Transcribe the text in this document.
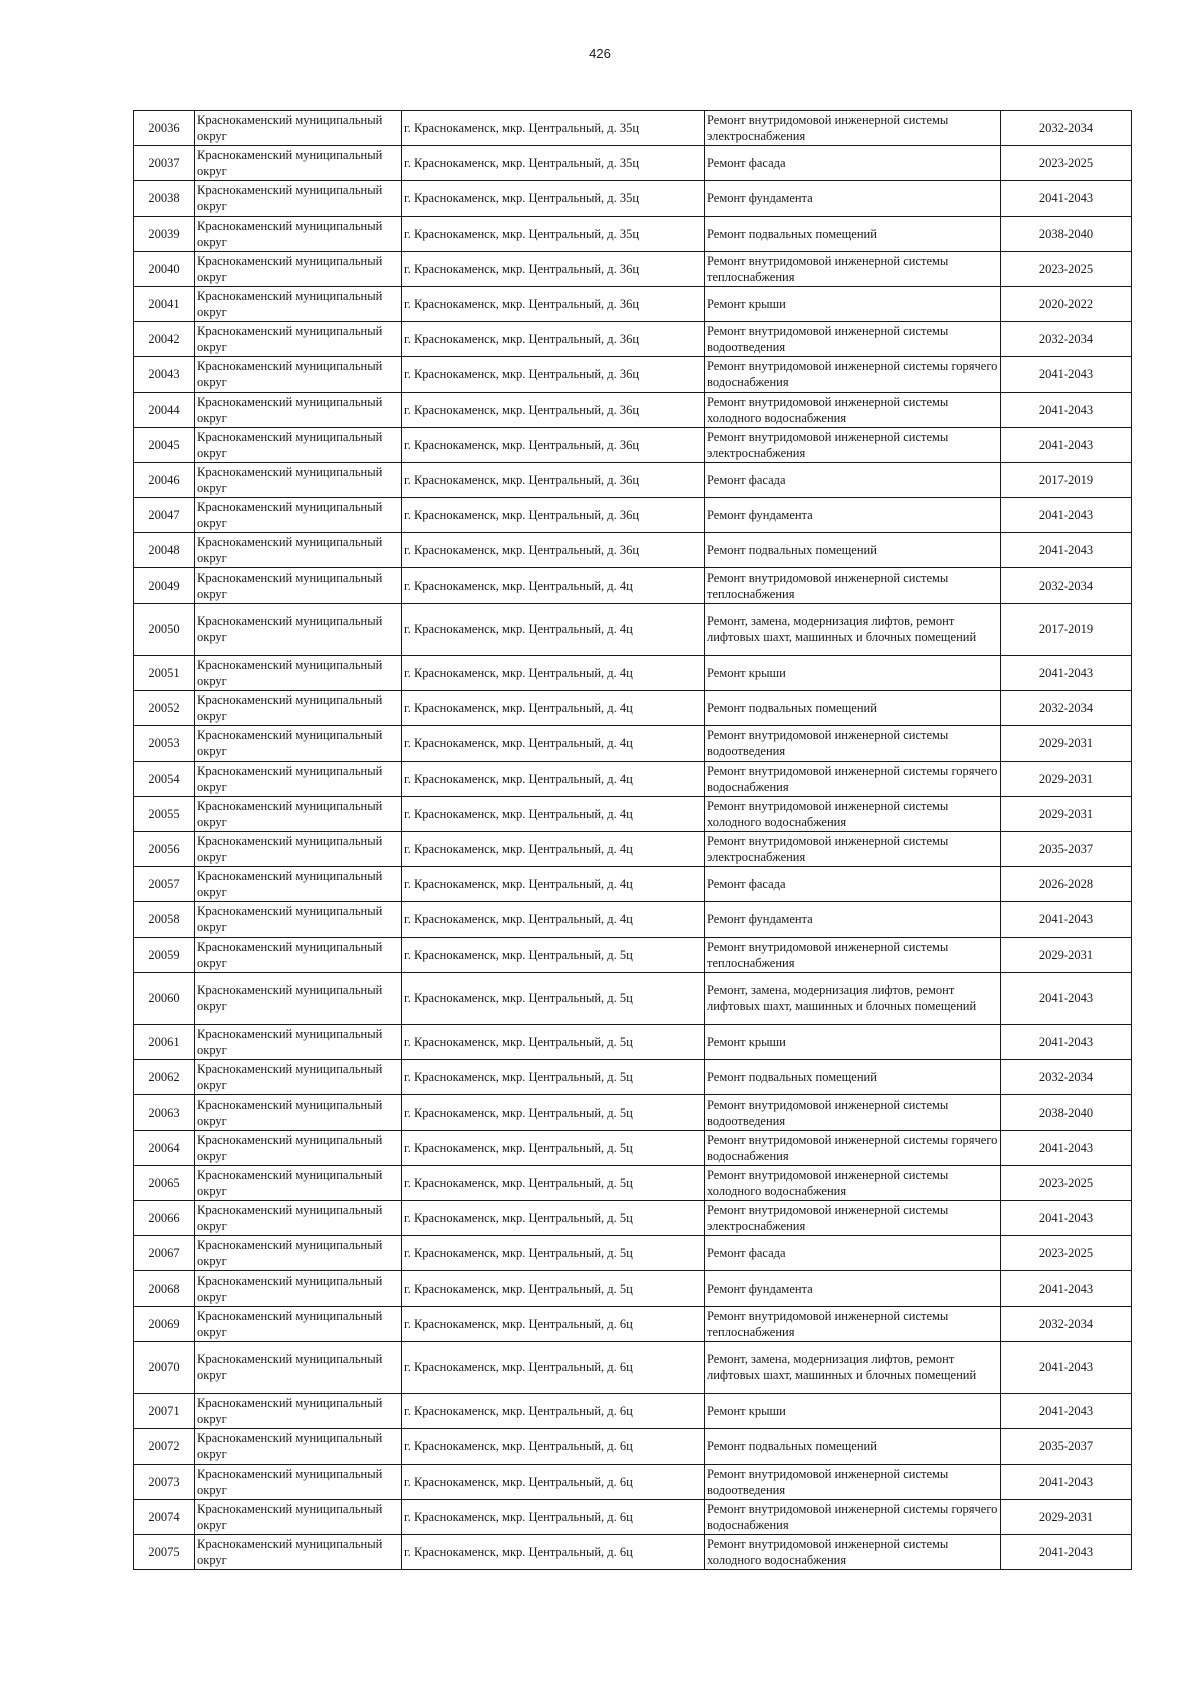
426
20036	Краснокаменский муниципальный округ	г. Краснокаменск, мкр. Центральный, д. 35ц	Ремонт внутридомовой инженерной системы электроснабжения	2032-2034
20037	Краснокаменский муниципальный округ	г. Краснокаменск, мкр. Центральный, д. 35ц	Ремонт фасада	2023-2025
20038	Краснокаменский муниципальный округ	г. Краснокаменск, мкр. Центральный, д. 35ц	Ремонт фундамента	2041-2043
20039	Краснокаменский муниципальный округ	г. Краснокаменск, мкр. Центральный, д. 35ц	Ремонт подвальных помещений	2038-2040
20040	Краснокаменский муниципальный округ	г. Краснокаменск, мкр. Центральный, д. 36ц	Ремонт внутридомовой инженерной системы теплоснабжения	2023-2025
20041	Краснокаменский муниципальный округ	г. Краснокаменск, мкр. Центральный, д. 36ц	Ремонт крыши	2020-2022
20042	Краснокаменский муниципальный округ	г. Краснокаменск, мкр. Центральный, д. 36ц	Ремонт внутридомовой инженерной системы водоотведения	2032-2034
20043	Краснокаменский муниципальный округ	г. Краснокаменск, мкр. Центральный, д. 36ц	Ремонт внутридомовой инженерной системы горячего водоснабжения	2041-2043
20044	Краснокаменский муниципальный округ	г. Краснокаменск, мкр. Центральный, д. 36ц	Ремонт внутридомовой инженерной системы холодного водоснабжения	2041-2043
20045	Краснокаменский муниципальный округ	г. Краснокаменск, мкр. Центральный, д. 36ц	Ремонт внутридомовой инженерной системы электроснабжения	2041-2043
20046	Краснокаменский муниципальный округ	г. Краснокаменск, мкр. Центральный, д. 36ц	Ремонт фасада	2017-2019
20047	Краснокаменский муниципальный округ	г. Краснокаменск, мкр. Центральный, д. 36ц	Ремонт фундамента	2041-2043
20048	Краснокаменский муниципальный округ	г. Краснокаменск, мкр. Центральный, д. 36ц	Ремонт подвальных помещений	2041-2043
20049	Краснокаменский муниципальный округ	г. Краснокаменск, мкр. Центральный, д. 4ц	Ремонт внутридомовой инженерной системы теплоснабжения	2032-2034
20050	Краснокаменский муниципальный округ	г. Краснокаменск, мкр. Центральный, д. 4ц	Ремонт, замена, модернизация лифтов, ремонт лифтовых шахт, машинных и блочных помещений	2017-2019
20051	Краснокаменский муниципальный округ	г. Краснокаменск, мкр. Центральный, д. 4ц	Ремонт крыши	2041-2043
20052	Краснокаменский муниципальный округ	г. Краснокаменск, мкр. Центральный, д. 4ц	Ремонт подвальных помещений	2032-2034
20053	Краснокаменский муниципальный округ	г. Краснокаменск, мкр. Центральный, д. 4ц	Ремонт внутридомовой инженерной системы водоотведения	2029-2031
20054	Краснокаменский муниципальный округ	г. Краснокаменск, мкр. Центральный, д. 4ц	Ремонт внутридомовой инженерной системы горячего водоснабжения	2029-2031
20055	Краснокаменский муниципальный округ	г. Краснокаменск, мкр. Центральный, д. 4ц	Ремонт внутридомовой инженерной системы холодного водоснабжения	2029-2031
20056	Краснокаменский муниципальный округ	г. Краснокаменск, мкр. Центральный, д. 4ц	Ремонт внутридомовой инженерной системы электроснабжения	2035-2037
20057	Краснокаменский муниципальный округ	г. Краснокаменск, мкр. Центральный, д. 4ц	Ремонт фасада	2026-2028
20058	Краснокаменский муниципальный округ	г. Краснокаменск, мкр. Центральный, д. 4ц	Ремонт фундамента	2041-2043
20059	Краснокаменский муниципальный округ	г. Краснокаменск, мкр. Центральный, д. 5ц	Ремонт внутридомовой инженерной системы теплоснабжения	2029-2031
20060	Краснокаменский муниципальный округ	г. Краснокаменск, мкр. Центральный, д. 5ц	Ремонт, замена, модернизация лифтов, ремонт лифтовых шахт, машинных и блочных помещений	2041-2043
20061	Краснокаменский муниципальный округ	г. Краснокаменск, мкр. Центральный, д. 5ц	Ремонт крыши	2041-2043
20062	Краснокаменский муниципальный округ	г. Краснокаменск, мкр. Центральный, д. 5ц	Ремонт подвальных помещений	2032-2034
20063	Краснокаменский муниципальный округ	г. Краснокаменск, мкр. Центральный, д. 5ц	Ремонт внутридомовой инженерной системы водоотведения	2038-2040
20064	Краснокаменский муниципальный округ	г. Краснокаменск, мкр. Центральный, д. 5ц	Ремонт внутридомовой инженерной системы горячего водоснабжения	2041-2043
20065	Краснокаменский муниципальный округ	г. Краснокаменск, мкр. Центральный, д. 5ц	Ремонт внутридомовой инженерной системы холодного водоснабжения	2023-2025
20066	Краснокаменский муниципальный округ	г. Краснокаменск, мкр. Центральный, д. 5ц	Ремонт внутридомовой инженерной системы электроснабжения	2041-2043
20067	Краснокаменский муниципальный округ	г. Краснокаменск, мкр. Центральный, д. 5ц	Ремонт фасада	2023-2025
20068	Краснокаменский муниципальный округ	г. Краснокаменск, мкр. Центральный, д. 5ц	Ремонт фундамента	2041-2043
20069	Краснокаменский муниципальный округ	г. Краснокаменск, мкр. Центральный, д. 6ц	Ремонт внутридомовой инженерной системы теплоснабжения	2032-2034
20070	Краснокаменский муниципальный округ	г. Краснокаменск, мкр. Центральный, д. 6ц	Ремонт, замена, модернизация лифтов, ремонт лифтовых шахт, машинных и блочных помещений	2041-2043
20071	Краснокаменский муниципальный округ	г. Краснокаменск, мкр. Центральный, д. 6ц	Ремонт крыши	2041-2043
20072	Краснокаменский муниципальный округ	г. Краснокаменск, мкр. Центральный, д. 6ц	Ремонт подвальных помещений	2035-2037
20073	Краснокаменский муниципальный округ	г. Краснокаменск, мкр. Центральный, д. 6ц	Ремонт внутридомовой инженерной системы водоотведения	2041-2043
20074	Краснокаменский муниципальный округ	г. Краснокаменск, мкр. Центральный, д. 6ц	Ремонт внутридомовой инженерной системы горячего водоснабжения	2029-2031
20075	Краснокаменский муниципальный округ	г. Краснокаменск, мкр. Центральный, д. 6ц	Ремонт внутридомовой инженерной системы холодного водоснабжения	2041-2043
